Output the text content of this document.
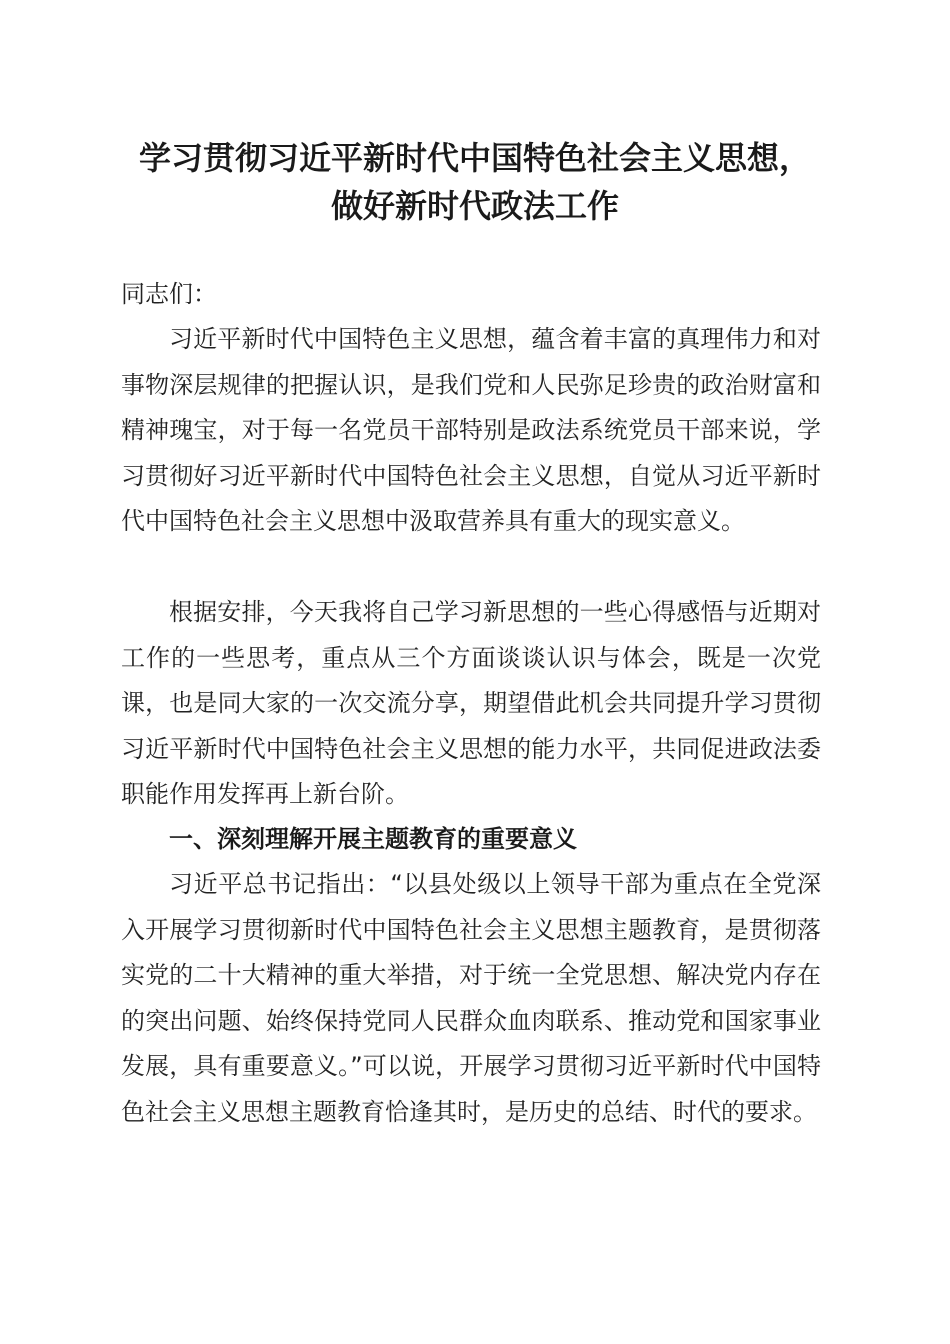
学习贯彻习近平新时代中国特色社会主义思想，
做好新时代政法工作
同志们：

习近平新时代中国特色主义思想，蕴含着丰富的真理伟力和对事物深层规律的把握认识，是我们党和人民弥足珍贵的政治财富和精神瑰宝，对于每一名党员干部特别是政法系统党员干部来说，学习贯彻好习近平新时代中国特色社会主义思想，自觉从习近平新时代中国特色社会主义思想中汲取营养具有重大的现实意义。

根据安排，今天我将自己学习新思想的一些心得感悟与近期对工作的一些思考，重点从三个方面谈谈认识与体会，既是一次党课，也是同大家的一次交流分享，期望借此机会共同提升学习贯彻习近平新时代中国特色社会主义思想的能力水平，共同促进政法委职能作用发挥再上新台阶。

一、深刻理解开展主题教育的重要意义

习近平总书记指出：“以县处级以上领导干部为重点在全党深入开展学习贯彻新时代中国特色社会主义思想主题教育，是贯彻落实党的二十大精神的重大举措，对于统一全党思想、解决党内存在的突出问题、始终保持党同人民群众血肉联系、推动党和国家事业发展，具有重要意义。”可以说，开展学习贯彻习近平新时代中国特色社会主义思想主题教育恰逢其时，是历史的总结、时代的要求。
